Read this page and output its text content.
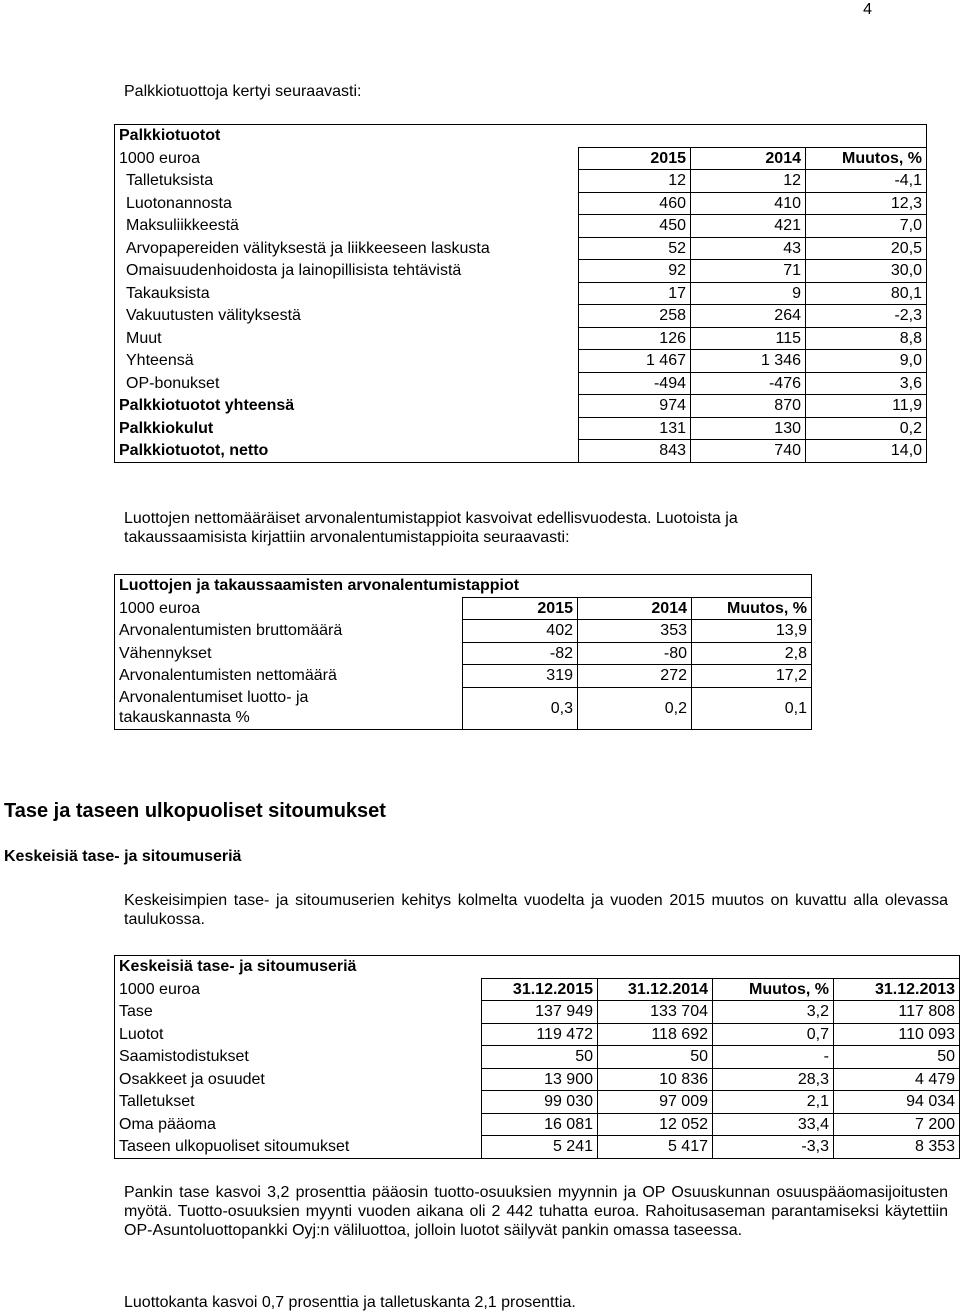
4

Palkkiotuottoja kertyi seuraavasti:

Palkkiotuotot			
1000 euroa	2015	2014	Muutos, %
Talletuksista	12	12	-4,1
Luotonannosta	460	410	12,3
Maksuliikkeestä	450	421	7,0
Arvopapereiden välityksestä ja liikkeeseen laskusta	52	43	20,5
Omaisuudenhoidosta ja lainopillisista tehtävistä	92	71	30,0
Takauksista	17	9	80,1
Vakuutusten välityksestä	258	264	-2,3
Muut	126	115	8,8
Yhteensä	1 467	1 346	9,0
OP-bonukset	-494	-476	3,6
Palkkiotuotot yhteensä	974	870	11,9
Palkkiokulut	131	130	0,2
Palkkiotuotot, netto	843	740	14,0

Luottojen nettomääräiset arvonalentumistappiot kasvoivat edellisvuodesta. Luotoista ja takaussaamisista kirjattiin arvonalentumistappioita seuraavasti:

Luottojen ja takaussaamisten arvonalentumistappiot			
1000 euroa	2015	2014	Muutos, %
Arvonalentumisten bruttomäärä	402	353	13,9
Vähennykset	-82	-80	2,8
Arvonalentumisten nettomäärä	319	272	17,2
Arvonalentumiset luotto- ja
takauskannasta %	0,3	0,2	0,1
Tase ja taseen ulkopuoliset sitoumukset
Keskeisiä tase- ja sitoumuseriä

Keskeisimpien tase- ja sitoumuserien kehitys kolmelta vuodelta ja vuoden 2015 muutos on kuvattu alla olevassa taulukossa.

Keskeisiä tase- ja sitoumuseriä				
1000 euroa	31.12.2015	31.12.2014	Muutos, %	31.12.2013
Tase	137 949	133 704	3,2	117 808
Luotot	119 472	118 692	0,7	110 093
Saamistodistukset	50	50	-	50
Osakkeet ja osuudet	13 900	10 836	28,3	4 479
Talletukset	99 030	97 009	2,1	94 034
Oma pääoma	16 081	12 052	33,4	7 200
Taseen ulkopuoliset sitoumukset	5 241	5 417	-3,3	8 353

Pankin tase kasvoi 3,2 prosenttia pääosin tuotto-osuuksien myynnin ja OP Osuuskunnan osuuspääomasijoitusten myötä. Tuotto-osuuksien myynti vuoden aikana oli 2 442 tuhatta euroa. Rahoitusaseman parantamiseksi käytettiin OP-Asuntoluottopankki Oyj:n väliluottoa, jolloin luotot säilyvät pankin omassa taseessa.

Luottokanta kasvoi 0,7 prosenttia ja talletuskanta 2,1 prosenttia.
